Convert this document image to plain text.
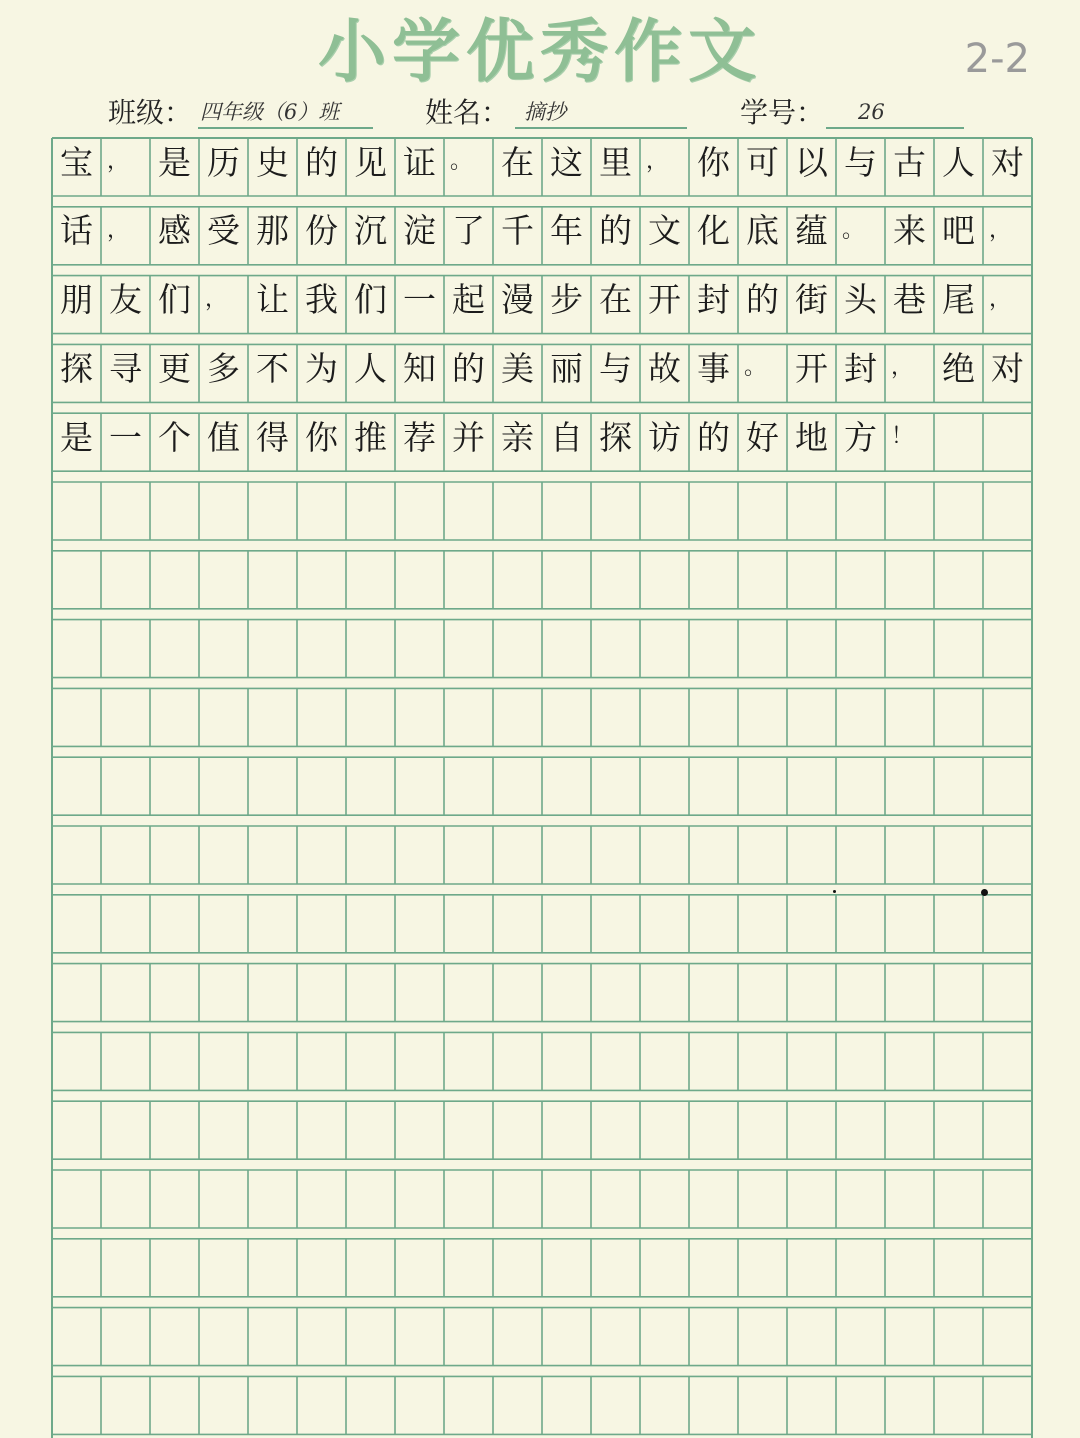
小学优秀作文	2-2
班级： 四年级（6）班	姓名： 摘抄	学号： 26
宝 ， 是 历 史 的 见 证 。 在 这 里 ， 你 可 以 与 古 人 对
话 ， 感 受 那 份 沉 淀 了 千 年 的 文 化 底 蕴 。 来 吧 ，
朋 友 们 ， 让 我 们 一 起 漫 步 在 开 封 的 街 头 巷 尾 ，
探 寻 更 多 不 为 人 知 的 美 丽 与 故 事 。 开 封 ， 绝 对
是 一 个 值 得 你 推 荐 并 亲 自 探 访 的 好 地 方 ！
